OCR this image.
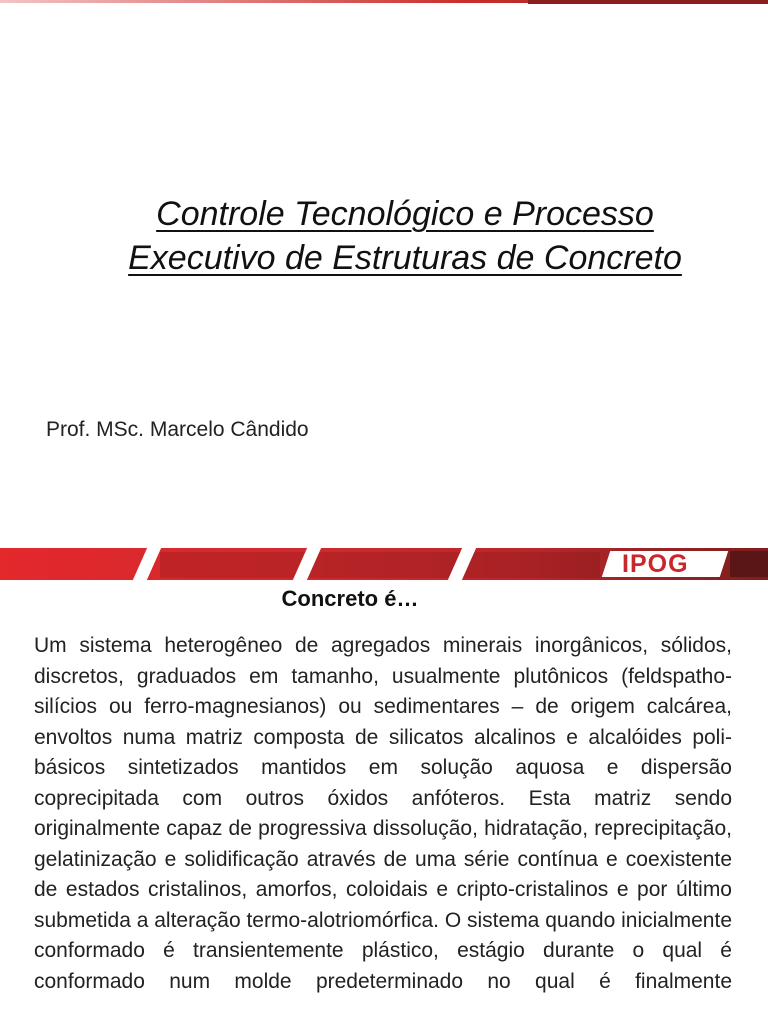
Controle Tecnológico e Processo
Executivo de Estruturas de Concreto
Prof. MSc. Marcelo Cândido
IPOG
Concreto é…

Um sistema heterogêneo de agregados minerais inorgânicos, sólidos, discretos, graduados em tamanho, usualmente plutônicos (feldspatho-silícios ou ferro-magnesianos) ou sedimentares – de origem calcárea, envoltos numa matriz composta de silicatos alcalinos e alcalóides poli-básicos sintetizados mantidos em solução aquosa e dispersão coprecipitada com outros óxidos anfóteros. Esta matriz sendo originalmente capaz de progressiva dissolução, hidratação, reprecipitação, gelatinização e solidificação através de uma série contínua e coexistente de estados cristalinos, amorfos, coloidais e cripto-cristalinos e por último submetida a alteração termo-alotriomórfica. O sistema quando inicialmente conformado é transientemente plástico, estágio durante o qual é conformado num molde predeterminado no qual é finalmente
